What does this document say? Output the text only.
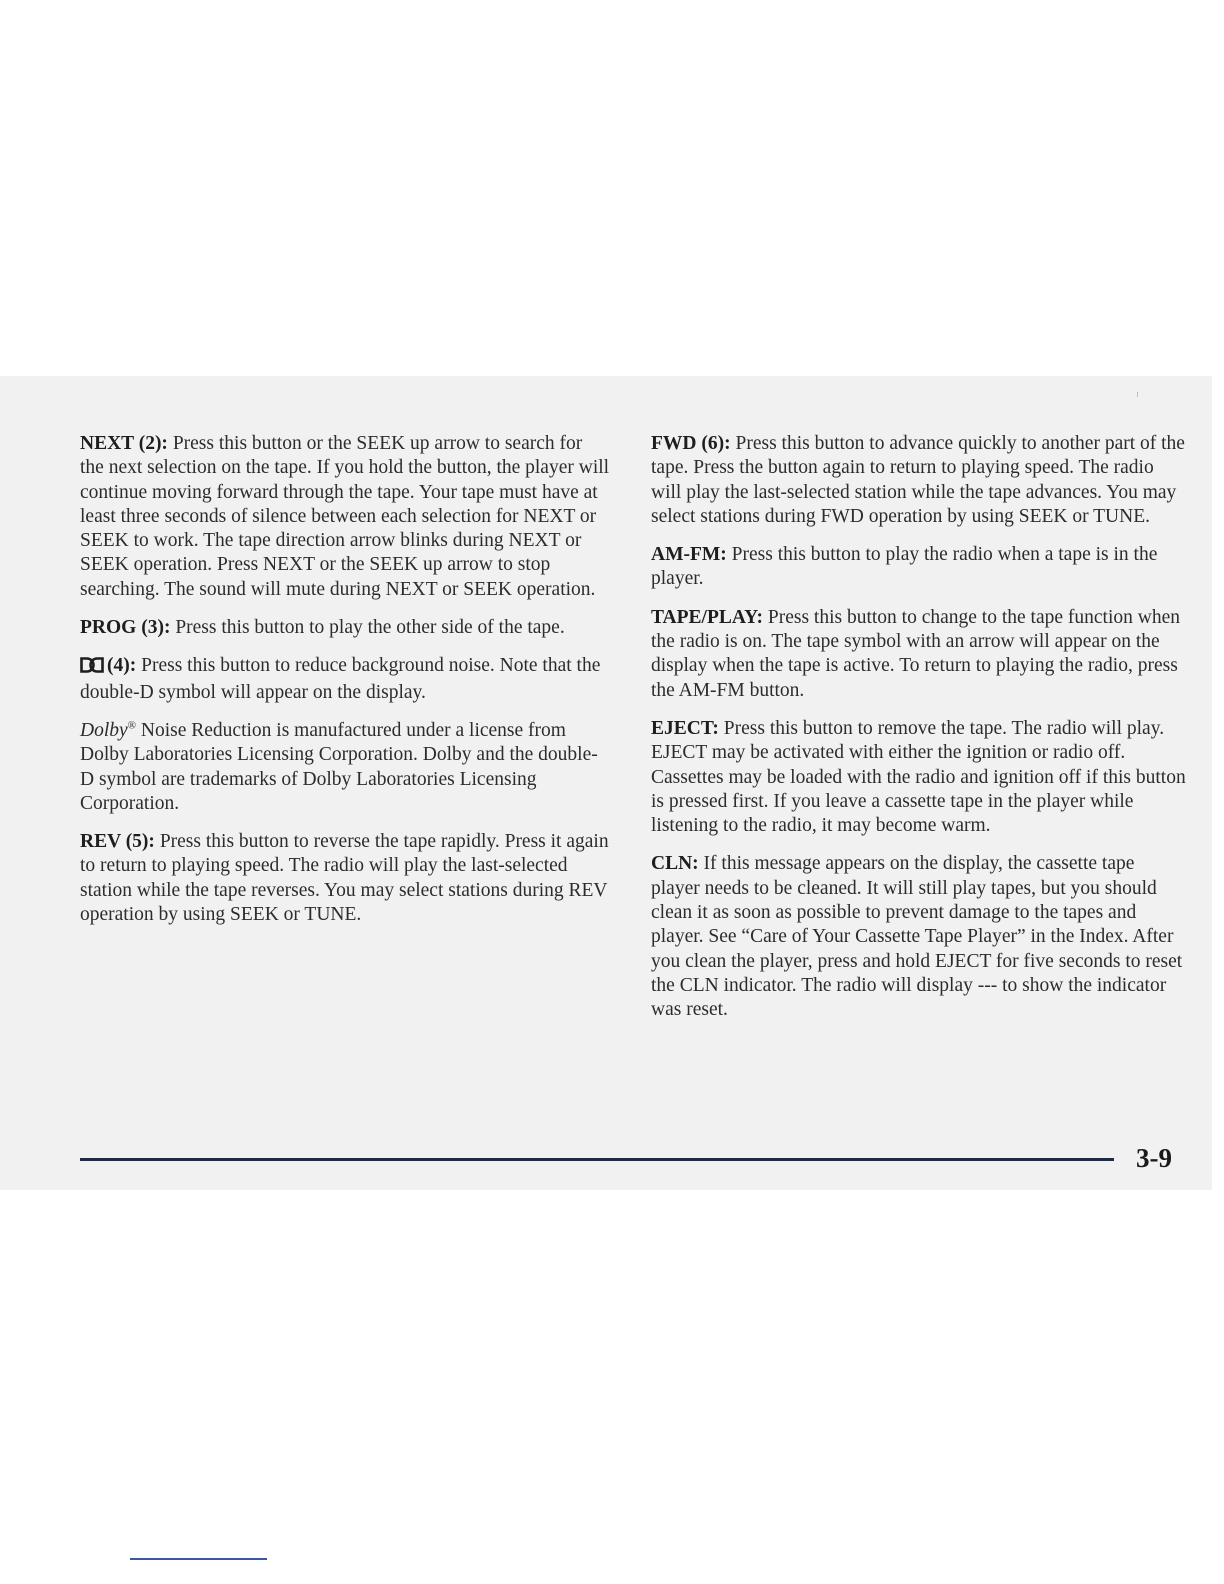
NEXT (2): Press this button or the SEEK up arrow to search for the next selection on the tape. If you hold the button, the player will continue moving forward through the tape. Your tape must have at least three seconds of silence between each selection for NEXT or SEEK to work. The tape direction arrow blinks during NEXT or SEEK operation. Press NEXT or the SEEK up arrow to stop searching. The sound will mute during NEXT or SEEK operation.

PROG (3): Press this button to play the other side of the tape.

(4): Press this button to reduce background noise. Note that the double-D symbol will appear on the display.

Dolby® Noise Reduction is manufactured under a license from Dolby Laboratories Licensing Corporation. Dolby and the double-D symbol are trademarks of Dolby Laboratories Licensing Corporation.

REV (5): Press this button to reverse the tape rapidly. Press it again to return to playing speed. The radio will play the last-selected station while the tape reverses. You may select stations during REV operation by using SEEK or TUNE.

FWD (6): Press this button to advance quickly to another part of the tape. Press the button again to return to playing speed. The radio will play the last-selected station while the tape advances. You may select stations during FWD operation by using SEEK or TUNE.

AM-FM: Press this button to play the radio when a tape is in the player.

TAPE/PLAY: Press this button to change to the tape function when the radio is on. The tape symbol with an arrow will appear on the display when the tape is active. To return to playing the radio, press the AM-FM button.

EJECT: Press this button to remove the tape. The radio will play. EJECT may be activated with either the ignition or radio off. Cassettes may be loaded with the radio and ignition off if this button is pressed first. If you leave a cassette tape in the player while listening to the radio, it may become warm.

CLN: If this message appears on the display, the cassette tape player needs to be cleaned. It will still play tapes, but you should clean it as soon as possible to prevent damage to the tapes and player. See “Care of Your Cassette Tape Player” in the Index. After you clean the player, press and hold EJECT for five seconds to reset the CLN indicator. The radio will display --- to show the indicator was reset.

3-9
